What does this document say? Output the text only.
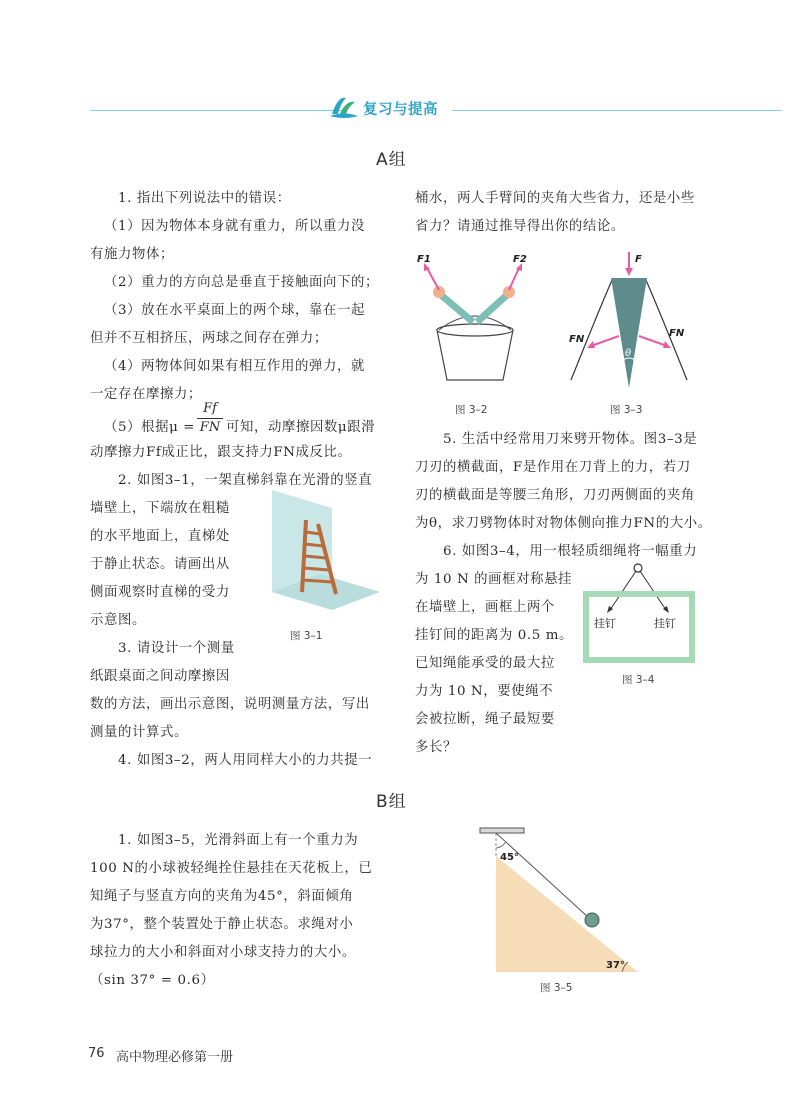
复习与提高
A组
1. 指出下列说法中的错误：
（1）因为物体本身就有重力，所以重力没
有施力物体；
（2）重力的方向总是垂直于接触面向下的；
（3）放在水平桌面上的两个球，靠在一起
但并不互相挤压，两球之间存在弹力；
（4）两物体间如果有相互作用的弹力，就
一定存在摩擦力；
（5）根据μ =
Ff
FN 可知，动摩擦因数μ跟滑
动摩擦力Ff成正比，跟支持力FN成反比。
2. 如图3–1，一架直梯斜靠在光滑的竖直
墙壁上，下端放在粗糙
的水平地面上，直梯处
于静止状态。请画出从
侧面观察时直梯的受力
示意图。
3. 请设计一个测量
纸跟桌面之间动摩擦因
数的方法，画出示意图，说明测量方法，写出
测量的计算式。
4. 如图3–2，两人用同样大小的力共提一
图 3–1
桶水，两人手臂间的夹角大些省力，还是小些
省力？请通过推导得出你的结论。
5. 生活中经常用刀来劈开物体。图3–3是
刀刃的横截面，F是作用在刀背上的力，若刀
刃的横截面是等腰三角形，刀刃两侧面的夹角
为θ，求刀劈物体时对物体侧向推力FN的大小。
6. 如图3–4，用一根轻质细绳将一幅重力
为 10 N 的画框对称悬挂
在墙壁上，画框上两个
挂钉间的距离为 0.5 m。
已知绳能承受的最大拉
力为 10 N，要使绳不
会被拉断，绳子最短要
多长？
F1	F2
图 3–2
F
FN
FN
θ
图 3–3
挂钉	挂钉
图 3–4
B组
1. 如图3–5，光滑斜面上有一个重力为
100 N的小球被轻绳拴住悬挂在天花板上，已
知绳子与竖直方向的夹角为45°，斜面倾角
为37°，整个装置处于静止状态。求绳对小
球拉力的大小和斜面对小球支持力的大小。
（sin 37° = 0.6）
45°
37°
图 3–5
76 高中物理必修第一册
